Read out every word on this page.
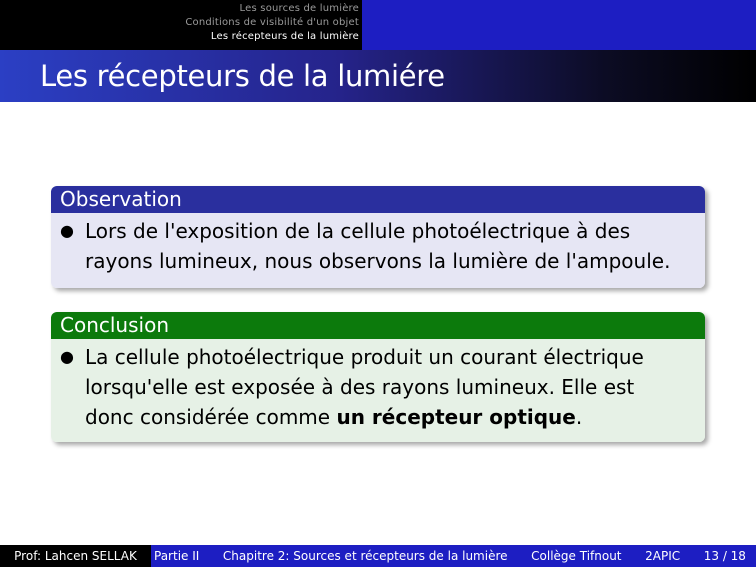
Les sources de lumière
Conditions de visibilité d'un objet
Les récepteurs de la lumière
Les récepteurs de la lumiére
Observation
● Lors de l'exposition de la cellule photoélectrique à des
rayons lumineux, nous observons la lumière de l'ampoule.
Conclusion
● La cellule photoélectrique produit un courant électrique
lorsqu'elle est exposée à des rayons lumineux. Elle est
donc considérée comme un récepteur optique.
Prof: Lahcen SELLAK	Partie II Chapitre 2: Sources et récepteurs de la lumière Collège Tifnout 2APIC 13 / 18
